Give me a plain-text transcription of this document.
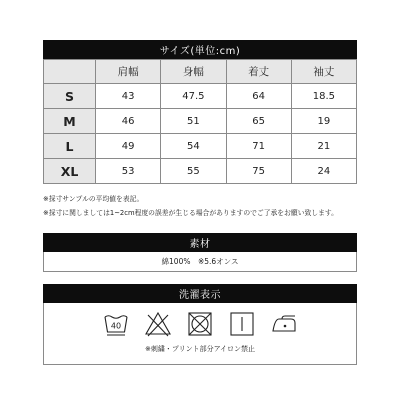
サイズ(単位:cm)
	肩幅	身幅	着丈	袖丈
S	43	47.5	64	18.5
M	46	51	65	19
L	49	54	71	21
XL	53	55	75	24
※採寸サンプルの平均値を表記。
※採寸に関しましては1~2cm程度の誤差が生じる場合がありますのでご了承をお願い致します。
素材
綿100%　※5.6オンス
洗濯表示
40
※刺繍・プリント部分アイロン禁止
